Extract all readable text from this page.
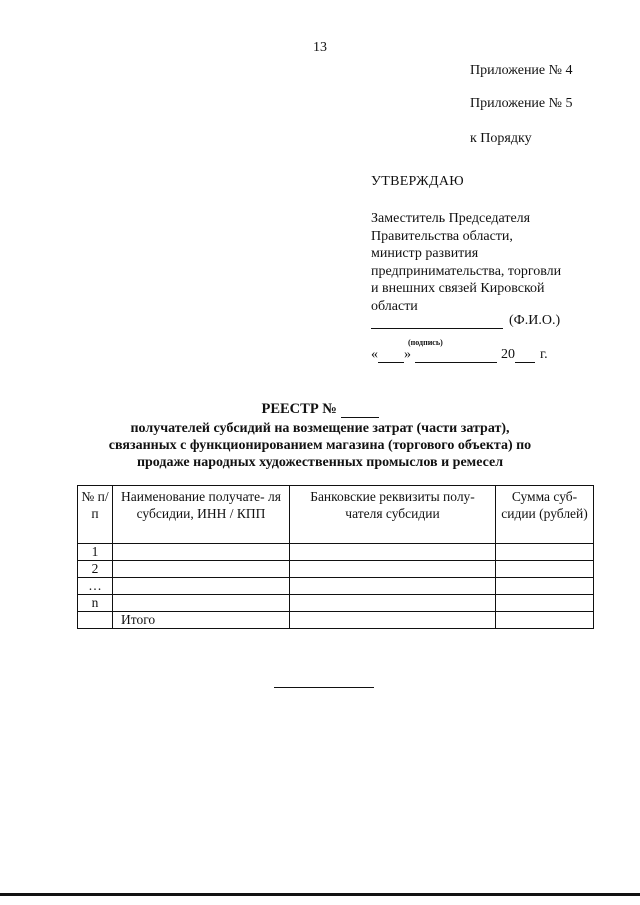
13
Приложение № 4
Приложение № 5
к Порядку
УТВЕРЖДАЮ
Заместитель Председателя
Правительства области,
министр развития
предпринимательства, торговли
и внешних связей Кировской
области
(Ф.И.О.)
(подпись)
« »	20 г.
РЕЕСТР №
получателей субсидий на возмещение затрат (части затрат),
связанных с функционированием магазина (торгового объекта) по
продаже народных художественных промыслов и ремесел
№ п/п	Наименование получате- ля субсидии, ИНН / КПП	Банковские реквизиты полу- чателя субсидии	Сумма суб- сидии (рублей)
1			
2			
…			
n			
	Итого		
